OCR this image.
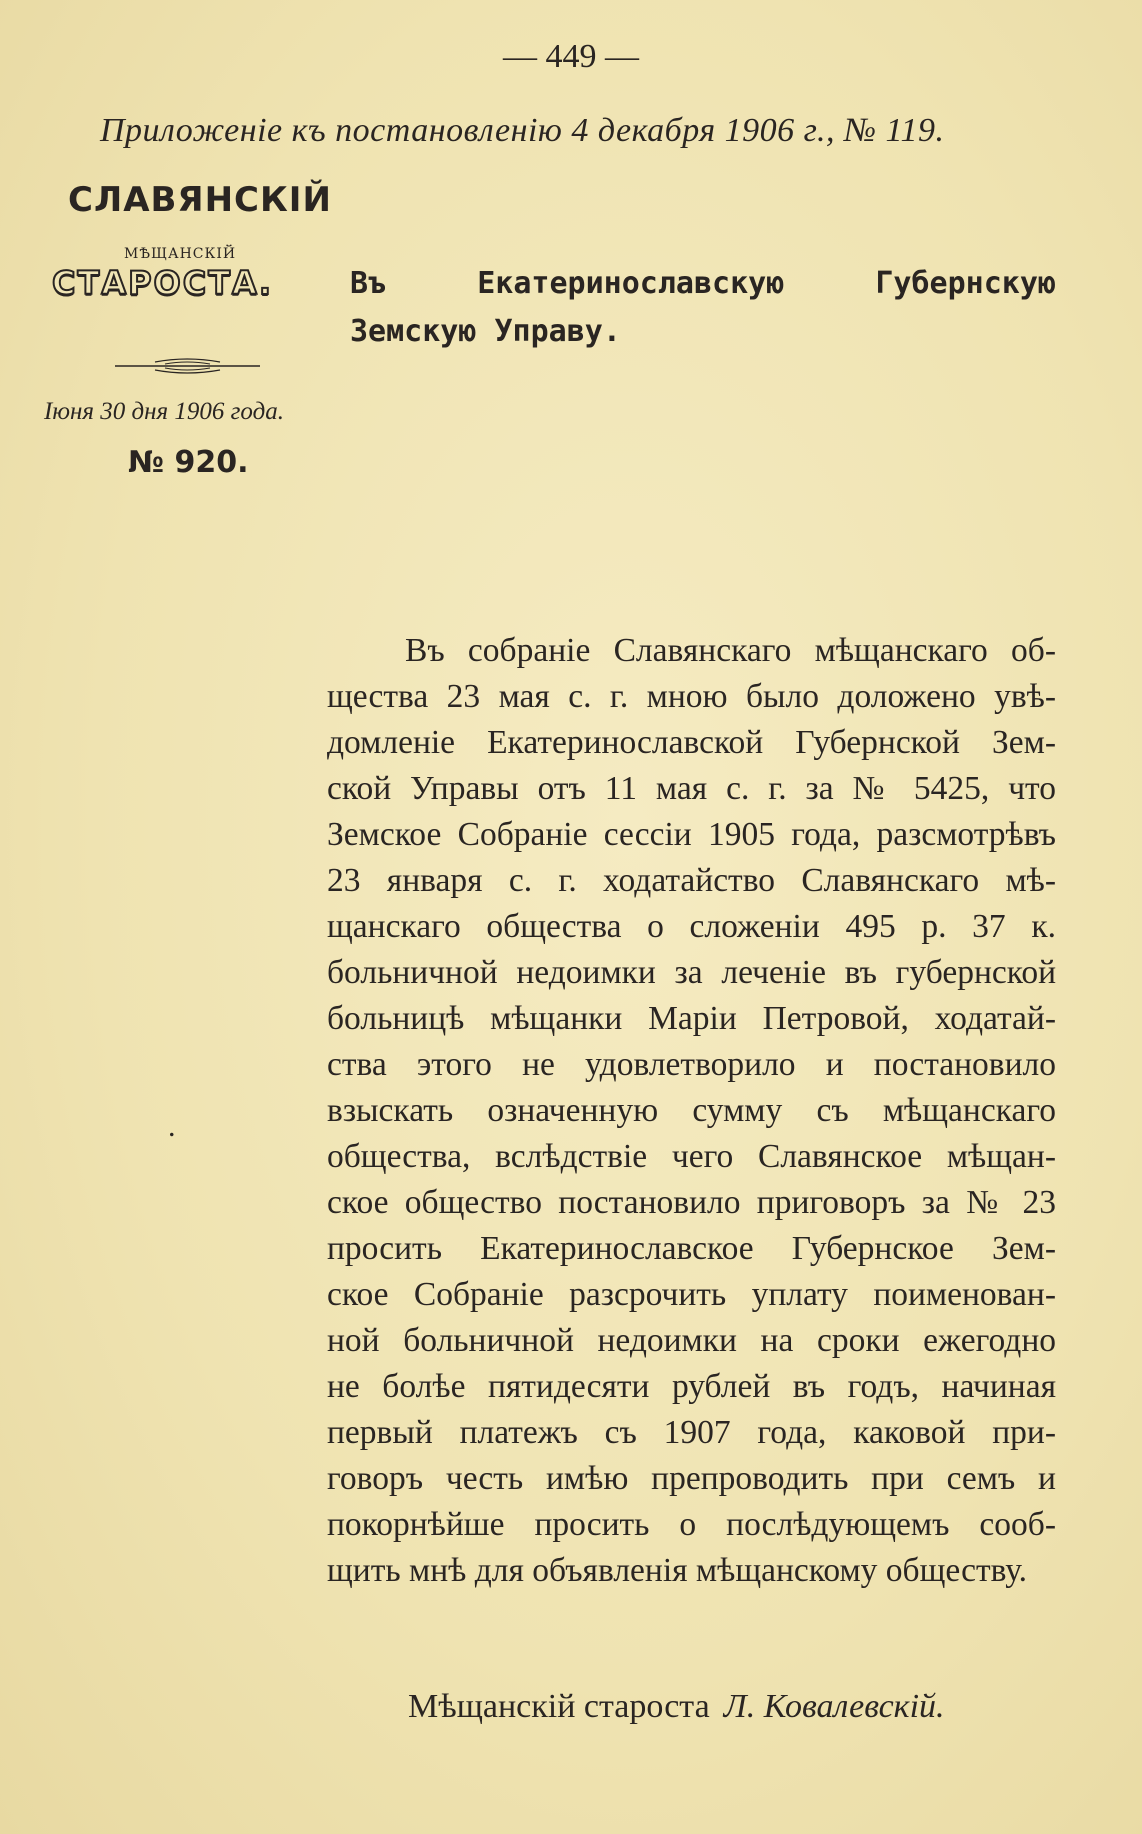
— 449 —
Приложенiе къ постановленiю 4 декабря 1906 г., № 119.
СЛАВЯНСКIЙ
МѢЩАНСКIЙ
СТАРОСТА.
Iюня 30 дня 1906 года.
№ 920.
Въ Екатеринославскую Губернскую
Земскую Управу.
Въ собранiе Славянскаго мѣщанскаго об-
щества 23 мая с. г. мною было доложено увѣ-
домленiе Екатеринославской Губернской Зем-
ской Управы отъ 11 мая с. г. за № 5425, что
Земское Собранiе сессiи 1905 года, разсмотрѣвъ
23 января с. г. ходатайство Славянскаго мѣ-
щанскаго общества о сложенiи 495 р. 37 к.
больничной недоимки за леченiе въ губернской
больницѣ мѣщанки Марiи Петровой, ходатай-
ства этого не удовлетворило и постановило
взыскать означенную сумму съ мѣщанскаго
общества, вслѣдствiе чего Славянское мѣщан-
ское общество постановило приговоръ за № 23
просить Екатеринославское Губернское Зем-
ское Собранiе разсрочить уплату поименован-
ной больничной недоимки на сроки ежегодно
не болѣе пятидесяти рублей въ годъ, начиная
первый платежъ съ 1907 года, каковой при-
говоръ честь имѣю препроводить при семъ и
покорнѣйше просить о послѣдующемъ сооб-
щить мнѣ для объявленiя мѣщанскому обществу.
.
Мѣщанскiй староста Л. Ковалевскiй.
